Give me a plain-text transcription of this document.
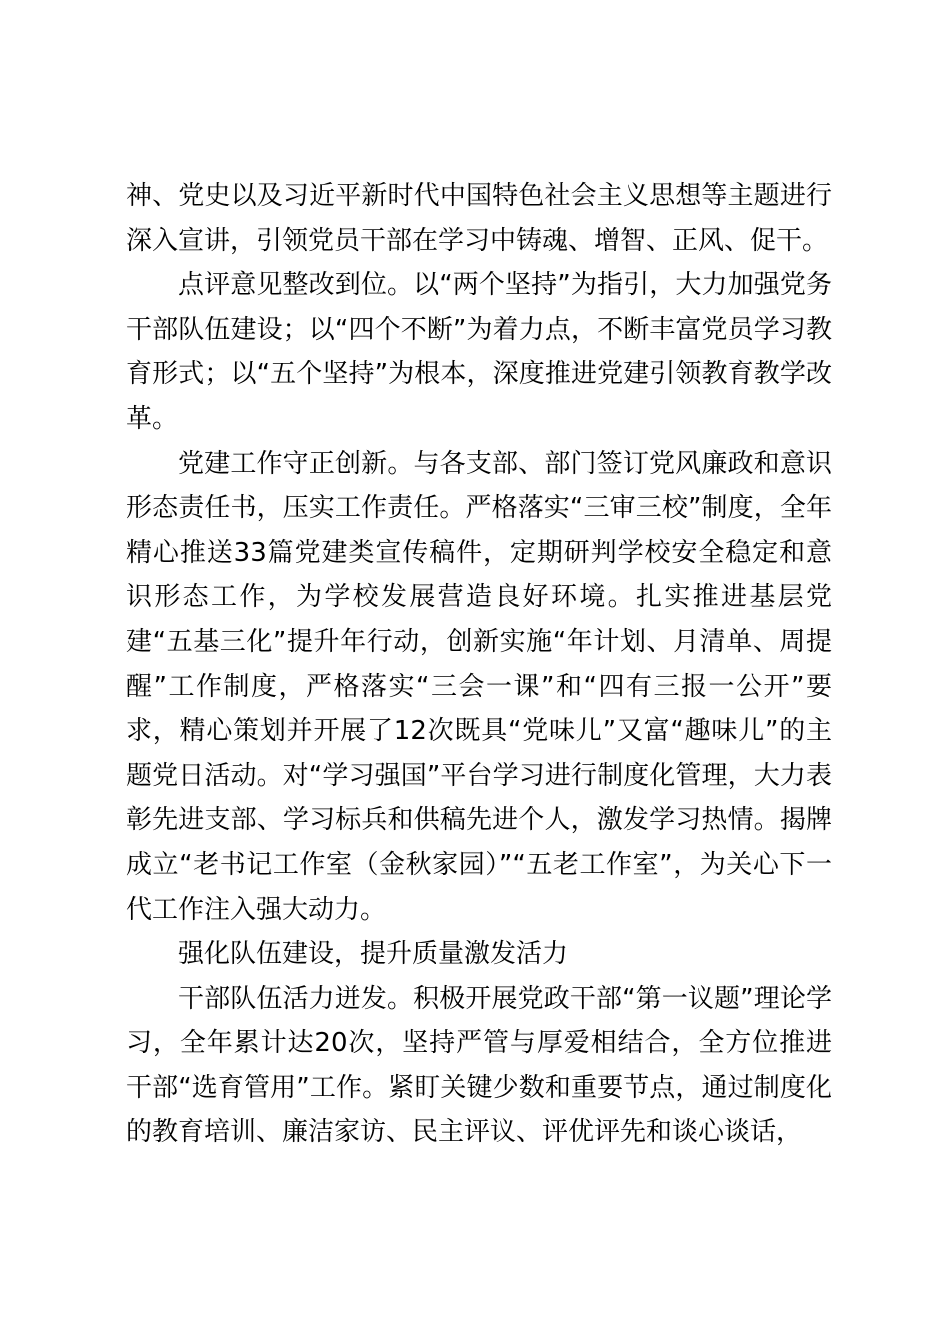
神、党史以及习近平新时代中国特色社会主义思想等主题进行深入宣讲，引领党员干部在学习中铸魂、增智、正风、促干。

点评意见整改到位。以“两个坚持”为指引，大力加强党务干部队伍建设；以“四个不断”为着力点，不断丰富党员学习教育形式；以“五个坚持”为根本，深度推进党建引领教育教学改革。

党建工作守正创新。与各支部、部门签订党风廉政和意识形态责任书，压实工作责任。严格落实“三审三校”制度，全年精心推送33篇党建类宣传稿件，定期研判学校安全稳定和意识形态工作，为学校发展营造良好环境。扎实推进基层党建“五基三化”提升年行动，创新实施“年计划、月清单、周提醒”工作制度，严格落实“三会一课”和“四有三报一公开”要求，精心策划并开展了12次既具“党味儿”又富“趣味儿”的主题党日活动。对“学习强国”平台学习进行制度化管理，大力表彰先进支部、学习标兵和供稿先进个人，激发学习热情。揭牌成立“老书记工作室（金秋家园）”“五老工作室”，为关心下一代工作注入强大动力。

强化队伍建设，提升质量激发活力

干部队伍活力迸发。积极开展党政干部“第一议题”理论学习，全年累计达20次，坚持严管与厚爱相结合，全方位推进干部“选育管用”工作。紧盯关键少数和重要节点，通过制度化的教育培训、廉洁家访、民主评议、评优评先和谈心谈话，
